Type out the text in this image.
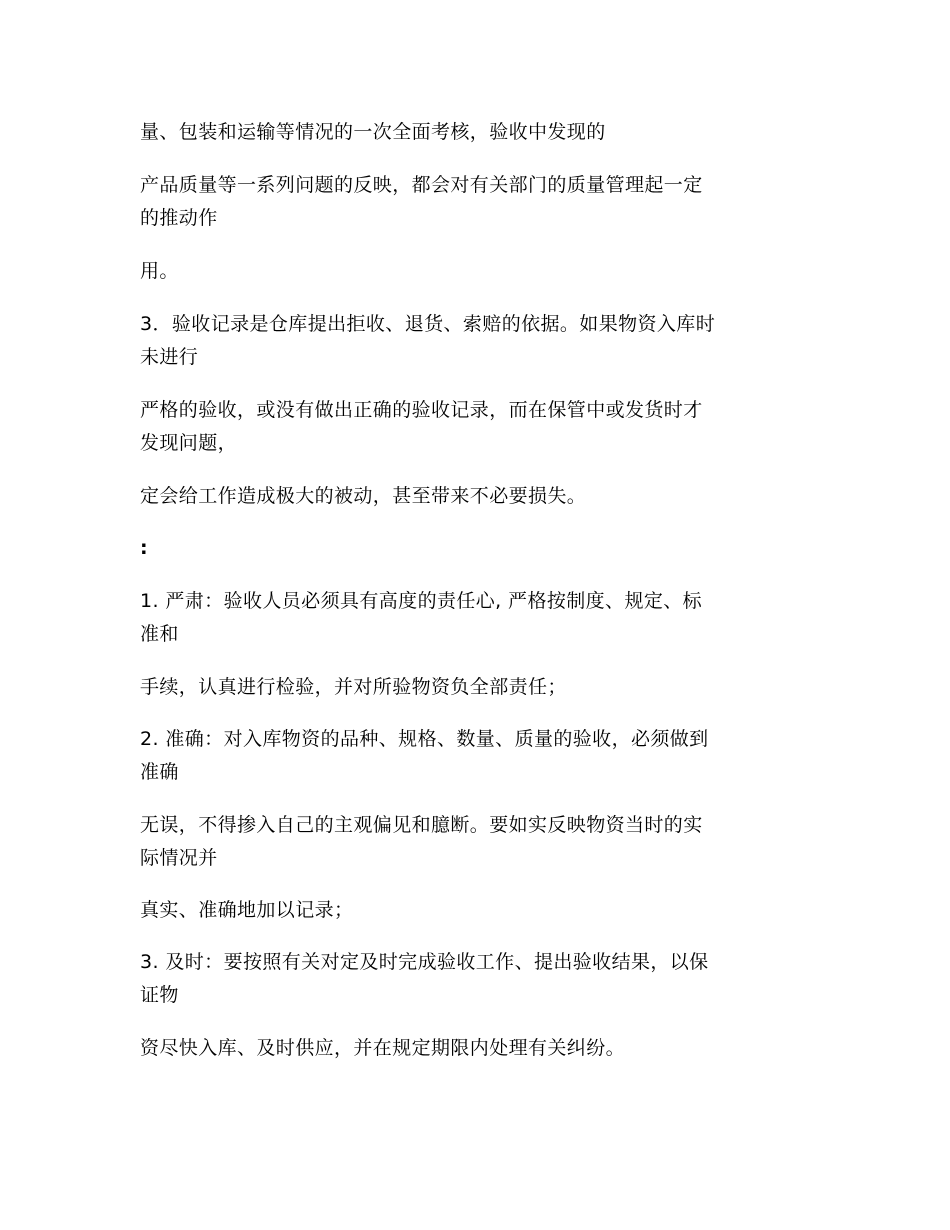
量、包装和运输等情况的一次全面考核，验收中发现的
产品质量等一系列问题的反映，都会对有关部门的质量管理起一定
的推动作
用。
3．验收记录是仓库提出拒收、退货、索赔的依据。如果物资入库时
未进行
严格的验收，或没有做出正确的验收记录，而在保管中或发货时才
发现问题，
定会给工作造成极大的被动，甚至带来不必要损失。
:
1. 严肃：验收人员必须具有高度的责任心, 严格按制度、规定、标
准和
手续，认真进行检验，并对所验物资负全部责任；
2. 准确：对入库物资的品种、规格、数量、质量的验收，必须做到
准确
无误，不得掺入自己的主观偏见和臆断。要如实反映物资当时的实
际情况并
真实、准确地加以记录；
3. 及时：要按照有关对定及时完成验收工作、提出验收结果，以保
证物
资尽快入库、及时供应，并在规定期限内处理有关纠纷。
